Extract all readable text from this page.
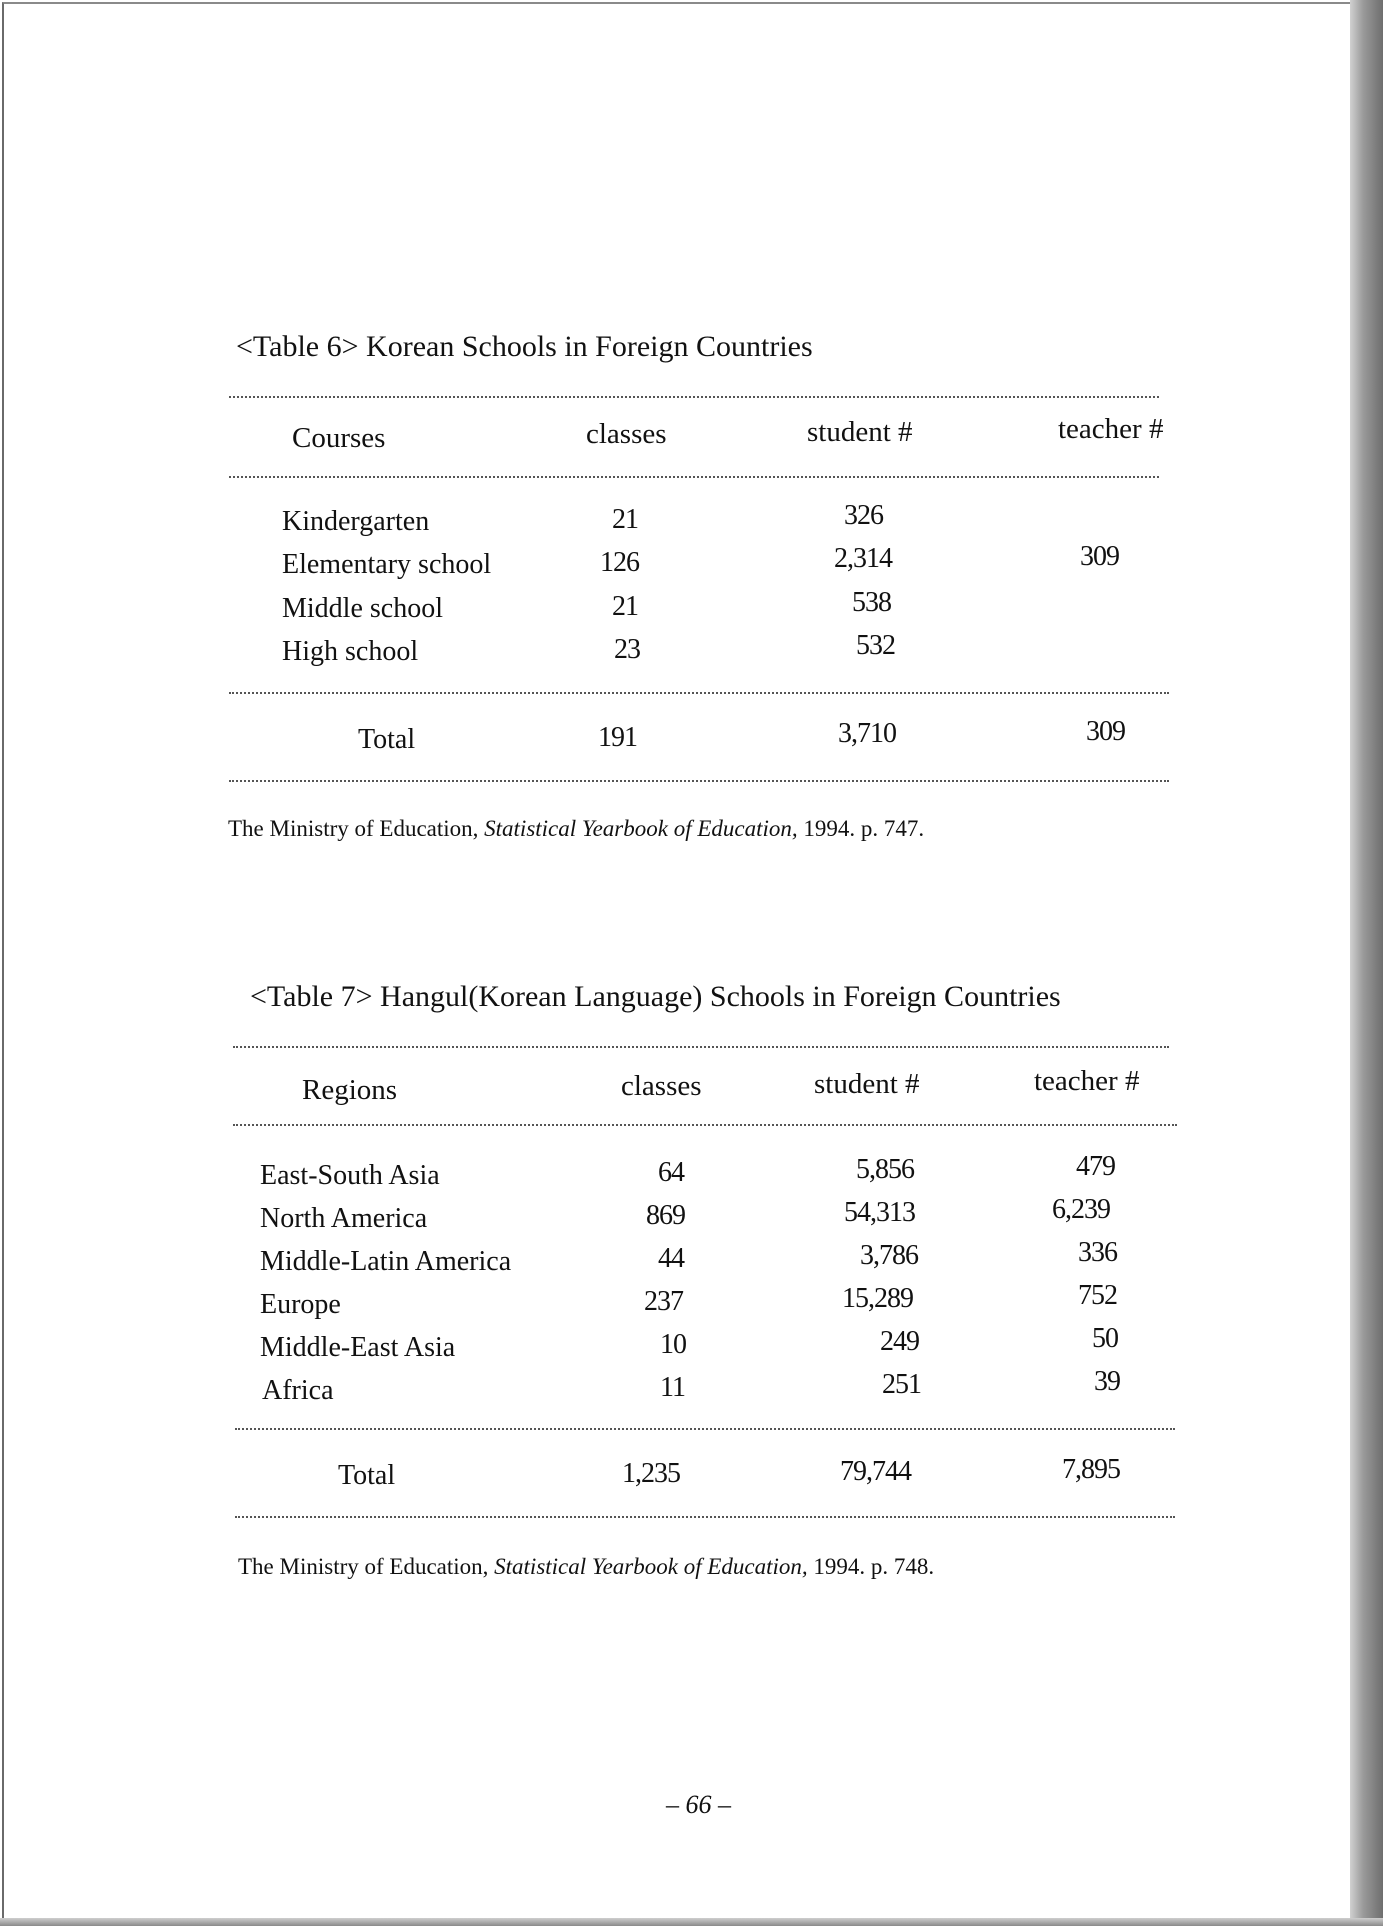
<Table 6> Korean Schools in Foreign Countries
Courses	classes	student #	teacher #
Kindergarten	21	326
Elementary school	126	2,314	309
Middle school	21	538
High school	23	532
Total	191	3,710	309
The Ministry of Education, Statistical Yearbook of Education, 1994. p. 747.
<Table 7> Hangul(Korean Language) Schools in Foreign Countries
Regions	classes	student #	teacher #
East-South Asia	64	5,856	479
North America	869	54,313	6,239
Middle-Latin America	44	3,786	336
Europe	237	15,289	752
Middle-East Asia	10	249	50
Africa	11	251	39
Total	1,235	79,744	7,895
The Ministry of Education, Statistical Yearbook of Education, 1994. p. 748.
– 66 –
